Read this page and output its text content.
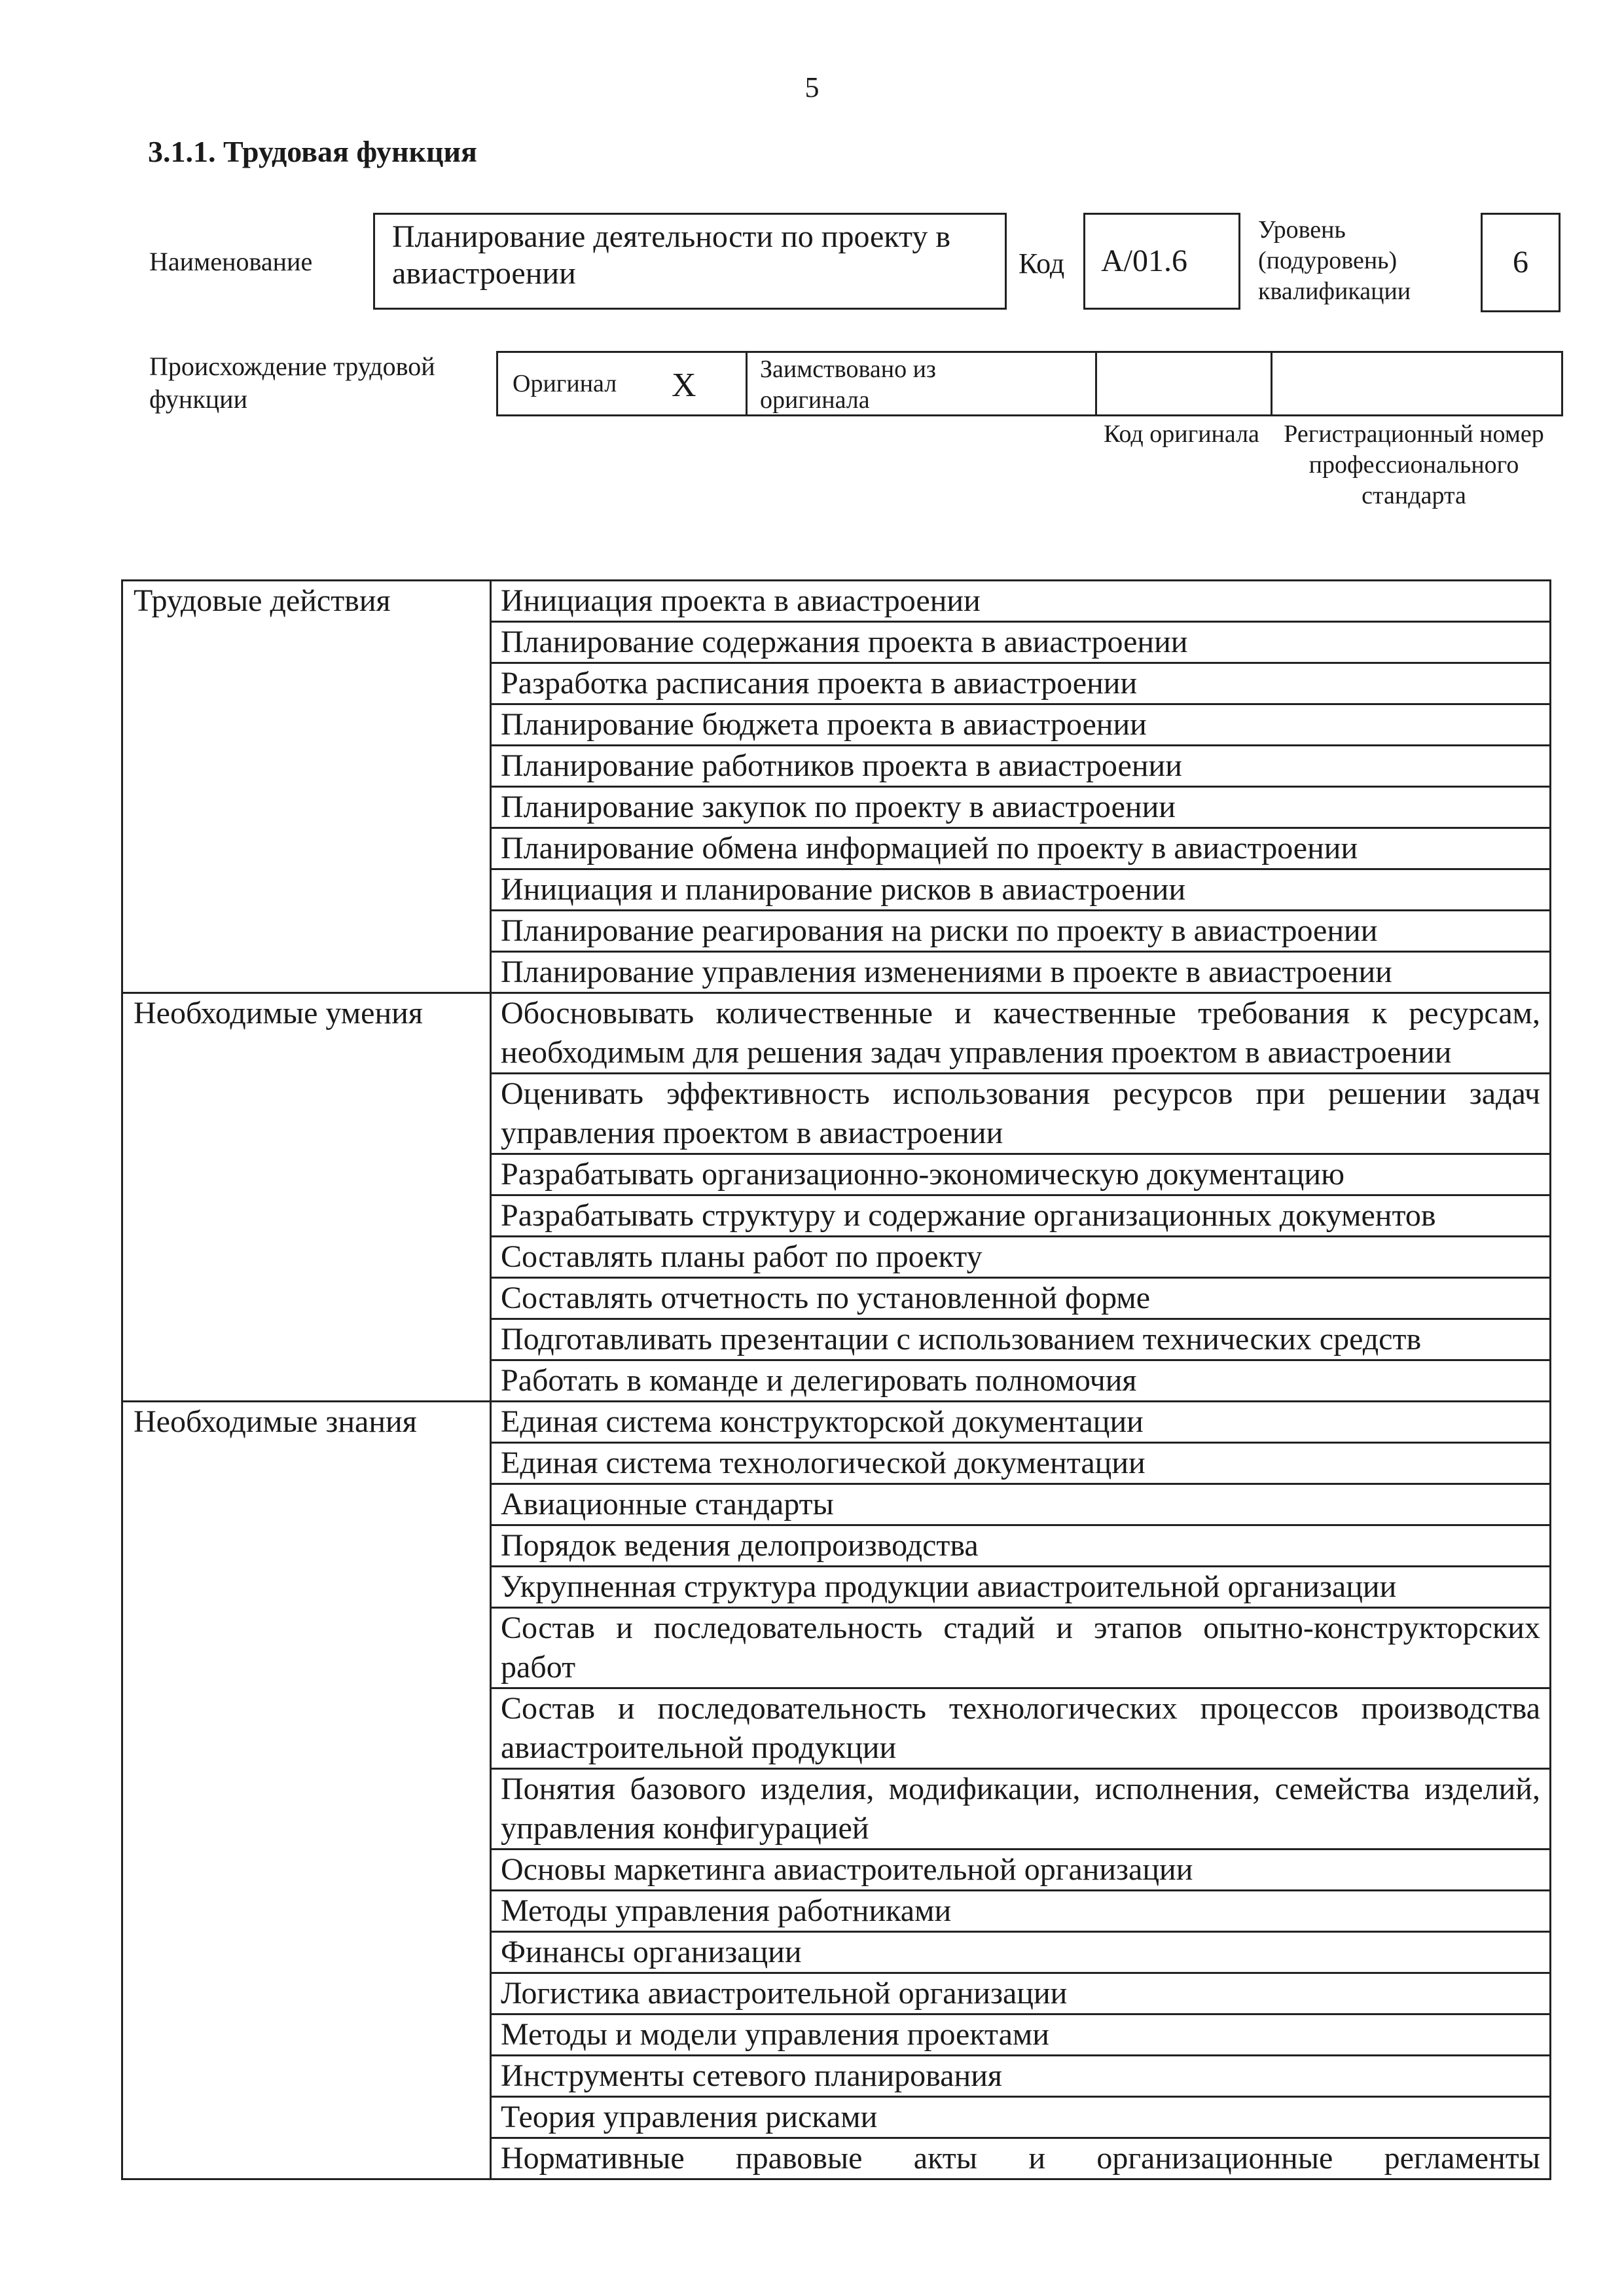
5
3.1.1. Трудовая функция
Наименование
Планирование деятельности по проекту в авиастроении	Код	A/01.6
Уровень
(подуровень)
квалификации
6
Происхождение трудовой функции
Оригинал X	Заимствовано из оригинала
Код оригинала Регистрационный номер профессионального стандарта
Трудовые действия	Инициация проекта в авиастроении
	Планирование содержания проекта в авиастроении
	Разработка расписания проекта в авиастроении
	Планирование бюджета проекта в авиастроении
	Планирование работников проекта в авиастроении
	Планирование закупок по проекту в авиастроении
	Планирование обмена информацией по проекту в авиастроении
	Инициация и планирование рисков в авиастроении
	Планирование реагирования на риски по проекту в авиастроении
	Планирование управления изменениями в проекте в авиастроении
Необходимые умения	Обосновывать количественные и качественные требования к ресурсам, необходимым для решения задач управления проектом в авиастроении
	Оценивать эффективность использования ресурсов при решении задач управления проектом в авиастроении
	Разрабатывать организационно-экономическую документацию
	Разрабатывать структуру и содержание организационных документов
	Составлять планы работ по проекту
	Составлять отчетность по установленной форме
	Подготавливать презентации с использованием технических средств
	Работать в команде и делегировать полномочия
Необходимые знания	Единая система конструкторской документации
	Единая система технологической документации
	Авиационные стандарты
	Порядок ведения делопроизводства
	Укрупненная структура продукции авиастроительной организации
	Состав и последовательность стадий и этапов опытно-конструкторских работ
	Состав и последовательность технологических процессов производства авиастроительной продукции
	Понятия базового изделия, модификации, исполнения, семейства изделий, управления конфигурацией
	Основы маркетинга авиастроительной организации
	Методы управления работниками
	Финансы организации
	Логистика авиастроительной организации
	Методы и модели управления проектами
	Инструменты сетевого планирования
	Теория управления рисками
	Нормативные правовые акты и организационные регламенты
